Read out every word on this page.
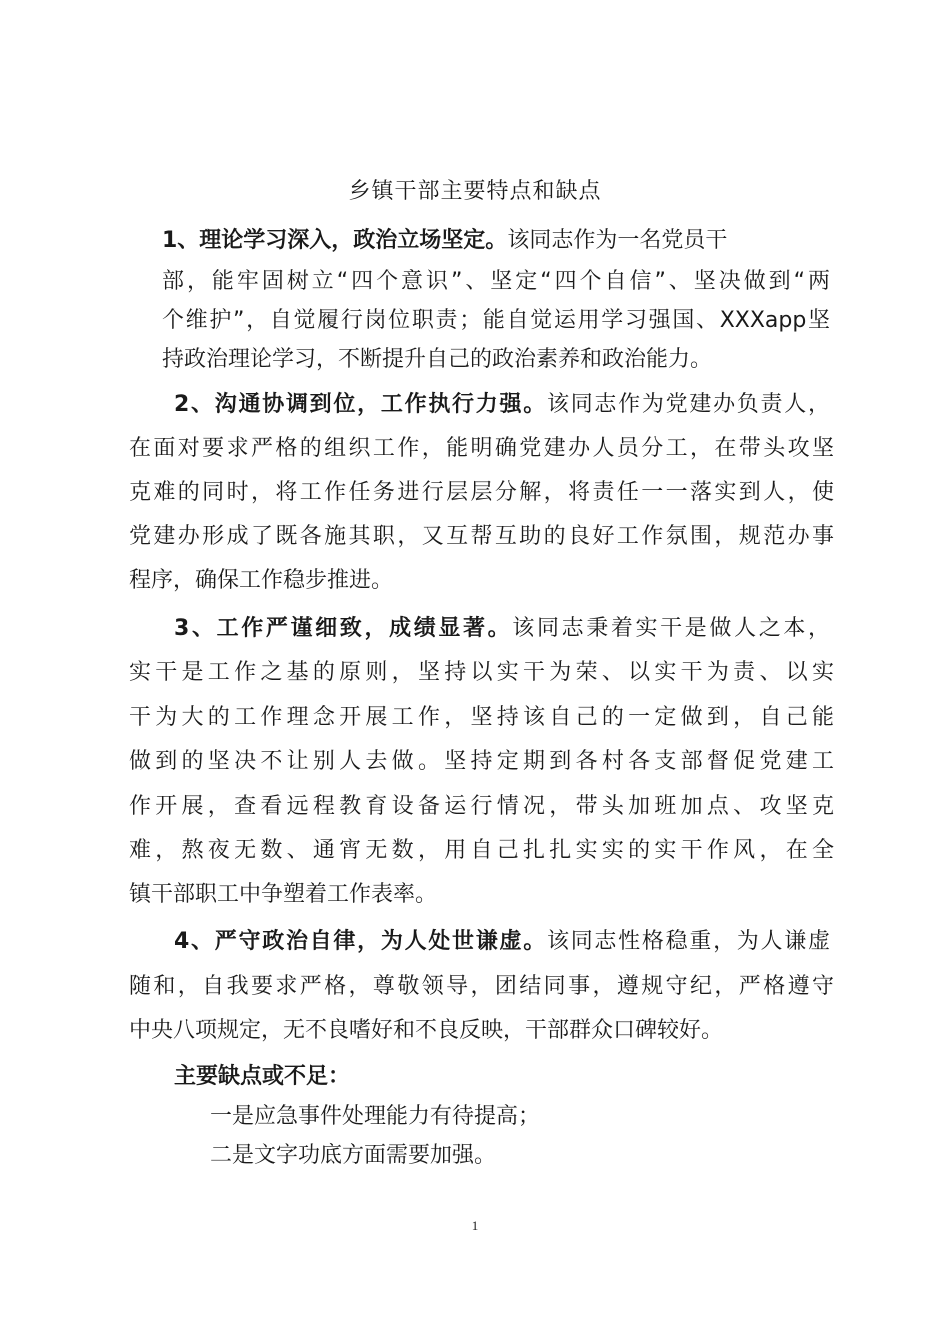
乡镇干部主要特点和缺点
1、理论学习深入，政治立场坚定。该同志作为一名党员干
部，能牢固树立“四个意识”、坚定“四个自信”、坚决做到“两
个维护”，自觉履行岗位职责；能自觉运用学习强国、XXXapp坚
持政治理论学习，不断提升自己的政治素养和政治能力。
2、沟通协调到位，工作执行力强。该同志作为党建办负责人，
在面对要求严格的组织工作，能明确党建办人员分工，在带头攻坚
克难的同时，将工作任务进行层层分解，将责任一一落实到人，使
党建办形成了既各施其职，又互帮互助的良好工作氛围，规范办事
程序，确保工作稳步推进。
3、工作严谨细致，成绩显著。该同志秉着实干是做人之本，
实干是工作之基的原则，坚持以实干为荣、以实干为责、以实
干为大的工作理念开展工作，坚持该自己的一定做到，自己能
做到的坚决不让别人去做。坚持定期到各村各支部督促党建工
作开展，查看远程教育设备运行情况，带头加班加点、攻坚克
难，熬夜无数、通宵无数，用自己扎扎实实的实干作风，在全
镇干部职工中争塑着工作表率。
4、严守政治自律，为人处世谦虚。该同志性格稳重，为人谦虚
随和，自我要求严格，尊敬领导，团结同事，遵规守纪，严格遵守
中央八项规定，无不良嗜好和不良反映，干部群众口碑较好。
主要缺点或不足：
一是应急事件处理能力有待提高；
二是文字功底方面需要加强。
1
